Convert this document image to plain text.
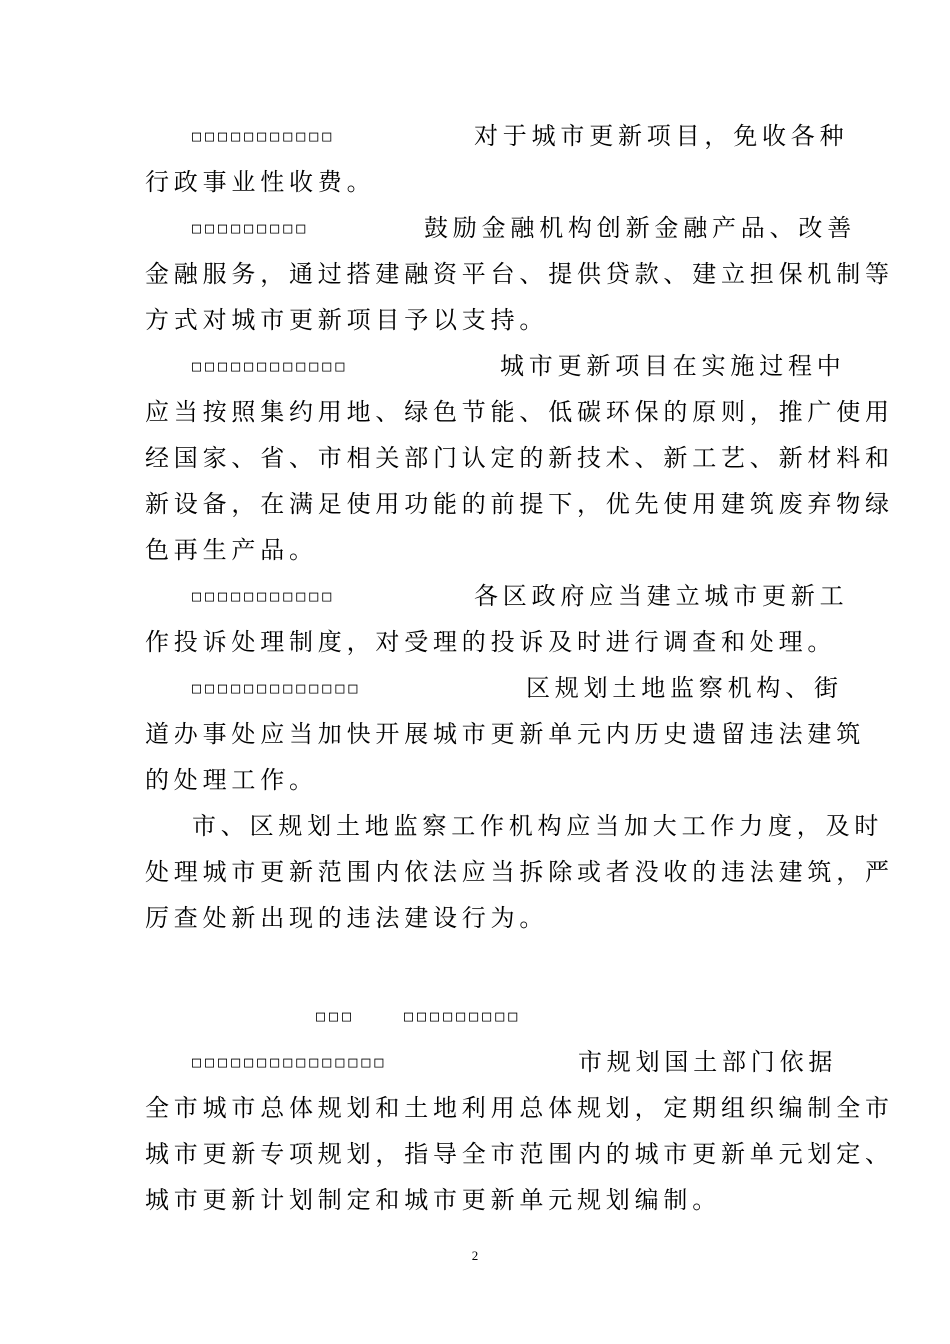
□□□□□□□□□□□	对于城市更新项目，免收各种
行政事业性收费。
□□□□□□□□□	鼓励金融机构创新金融产品、改善
金融服务，通过搭建融资平台、提供贷款、建立担保机制等
方式对城市更新项目予以支持。
□□□□□□□□□□□□	城市更新项目在实施过程中
应当按照集约用地、绿色节能、低碳环保的原则，推广使用
经国家、省、市相关部门认定的新技术、新工艺、新材料和
新设备，在满足使用功能的前提下，优先使用建筑废弃物绿
色再生产品。
□□□□□□□□□□□	各区政府应当建立城市更新工
作投诉处理制度，对受理的投诉及时进行调查和处理。
□□□□□□□□□□□□□	区规划土地监察机构、街
道办事处应当加快开展城市更新单元内历史遗留违法建筑
的处理工作。
市、区规划土地监察工作机构应当加大工作力度，及时
处理城市更新范围内依法应当拆除或者没收的违法建筑，严
厉查处新出现的违法建设行为。
□□□	□□□□□□□□□
□□□□□□□□□□□□□□□	市规划国土部门依据
全市城市总体规划和土地利用总体规划，定期组织编制全市
城市更新专项规划，指导全市范围内的城市更新单元划定、
城市更新计划制定和城市更新单元规划编制。
2
